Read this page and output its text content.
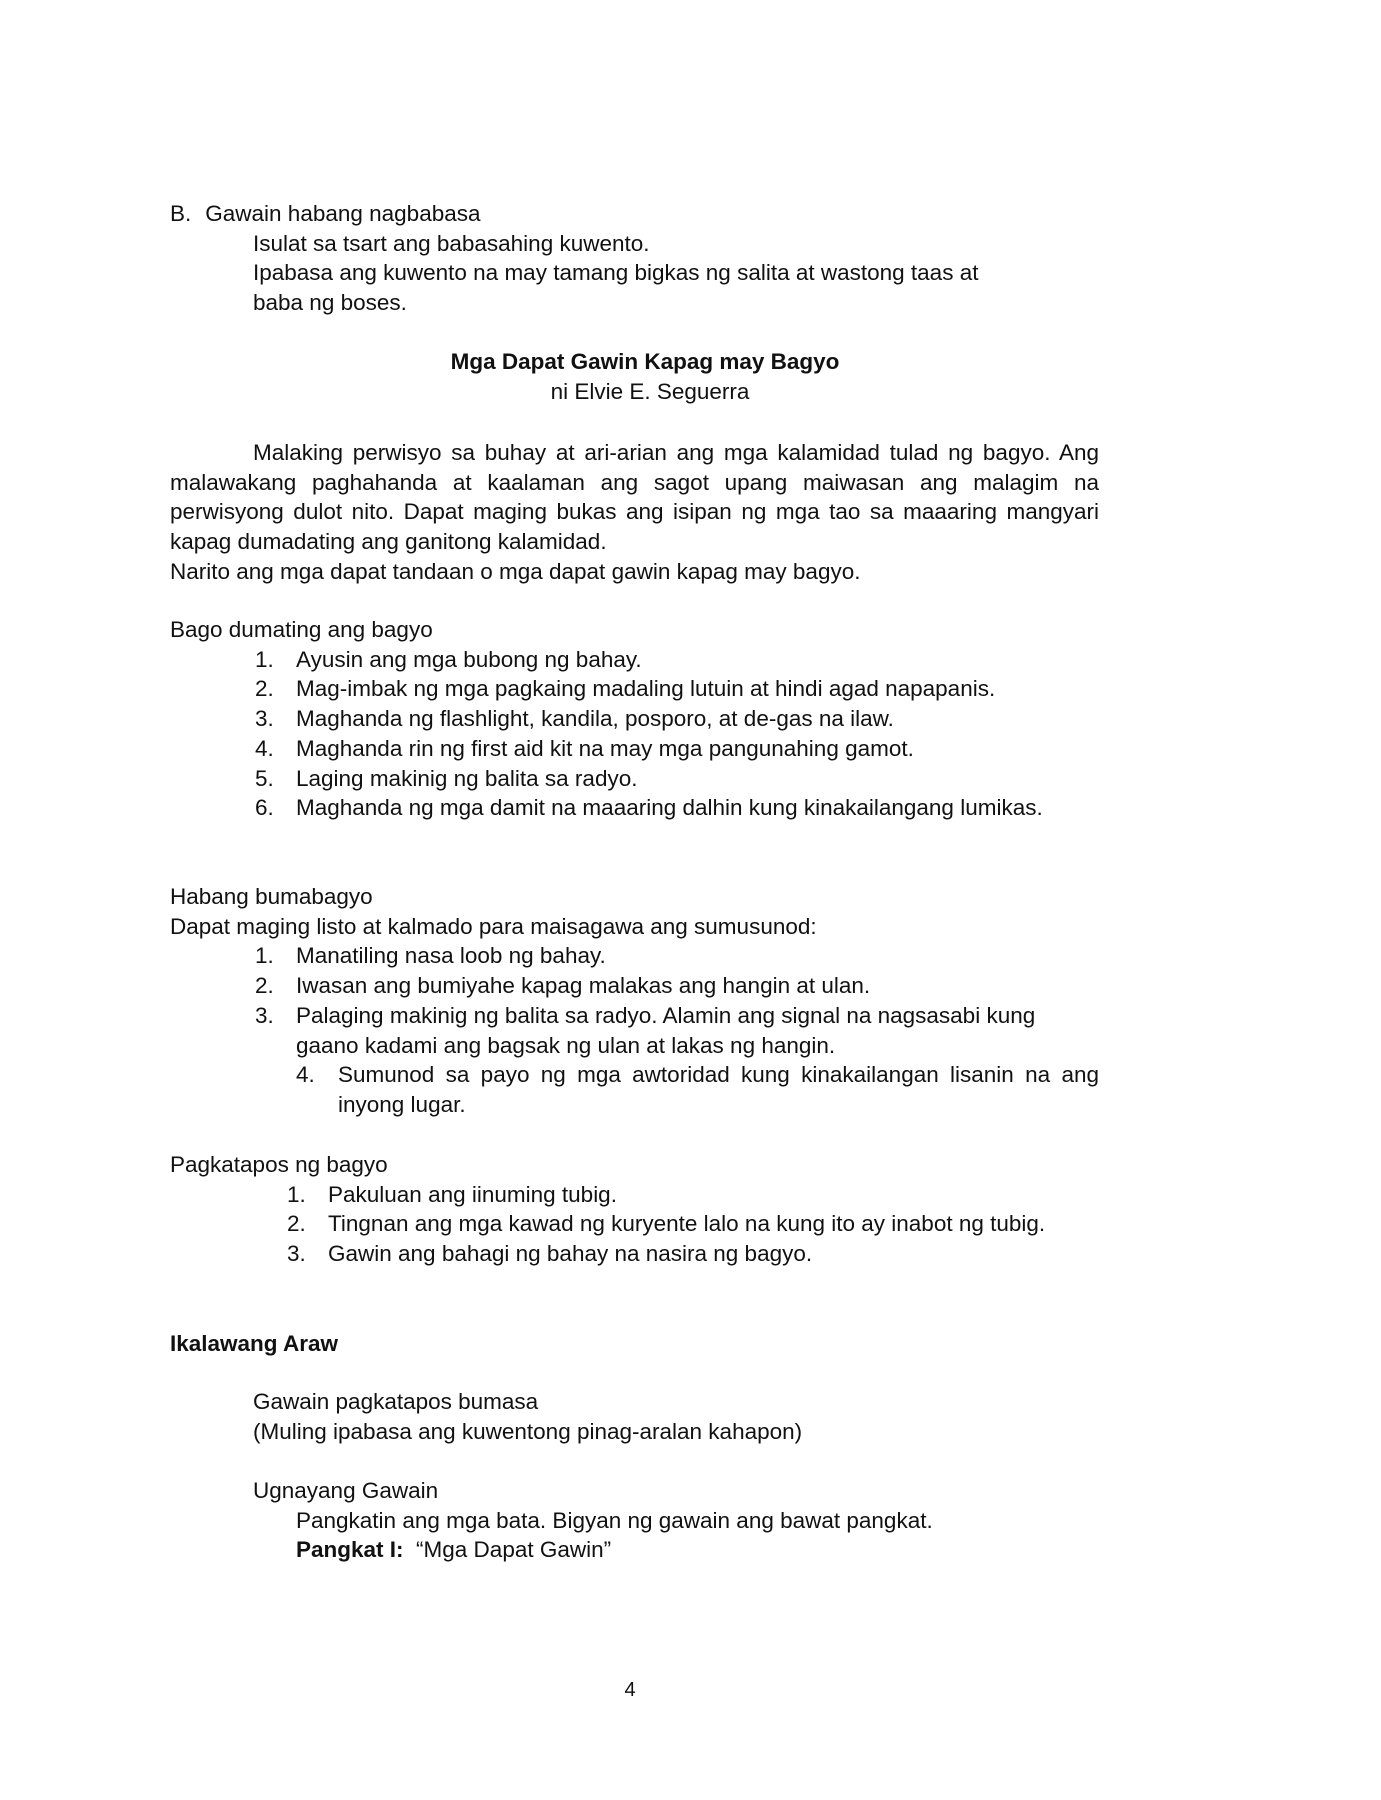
B. Gawain habang nagbabasa
Isulat sa tsart ang babasahing kuwento.
Ipabasa ang kuwento na may tamang bigkas ng salita at wastong taas at baba ng boses.
Mga Dapat Gawin Kapag may Bagyo
ni Elvie E. Seguerra
Malaking perwisyo sa buhay at ari-arian ang mga kalamidad tulad ng bagyo. Ang malawakang paghahanda at kaalaman ang sagot upang maiwasan ang malagim na perwisyong dulot nito. Dapat maging bukas ang isipan ng mga tao sa maaaring mangyari kapag dumadating ang ganitong kalamidad.
Narito ang mga dapat tandaan o mga dapat gawin kapag may bagyo.
Bago dumating ang bagyo
1. Ayusin ang mga bubong ng bahay.
2. Mag-imbak ng mga pagkaing madaling lutuin at hindi agad napapanis.
3. Maghanda ng flashlight, kandila, posporo, at de-gas na ilaw.
4. Maghanda rin ng first aid kit na may mga pangunahing gamot.
5. Laging makinig ng balita sa radyo.
6. Maghanda ng mga damit na maaaring dalhin kung kinakailangang lumikas.
Habang bumabagyo
Dapat maging listo at kalmado para maisagawa ang sumusunod:
1. Manatiling nasa loob ng bahay.
2. Iwasan ang bumiyahe kapag malakas ang hangin at ulan.
3. Palaging makinig ng balita sa radyo. Alamin ang signal na nagsasabi kung gaano kadami ang bagsak ng ulan at lakas ng hangin.
4. Sumunod sa payo ng mga awtoridad kung kinakailangan lisanin na ang inyong lugar.
Pagkatapos ng bagyo
1. Pakuluan ang iinuming tubig.
2. Tingnan ang mga kawad ng kuryente lalo na kung ito ay inabot ng tubig.
3. Gawin ang bahagi ng bahay na nasira ng bagyo.
Ikalawang Araw
Gawain pagkatapos bumasa
(Muling ipabasa ang kuwentong pinag-aralan kahapon)
Ugnayang Gawain
Pangkatin ang mga bata. Bigyan ng gawain ang bawat pangkat.
Pangkat I: “Mga Dapat Gawin”
4
